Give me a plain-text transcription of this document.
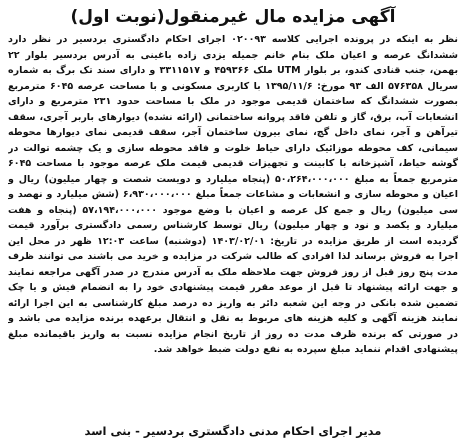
آگهی مزایده مال غیرمنقول(نوبت اول)

نظر به اینکه در پرونده اجرایی کلاسه ۰۲۰۰۹۳ اجرای احکام دادگستری بردسیر در نظر دارد ششدانگ عرصه و اعیان ملک بنام خانم جمیله یزدی زاده باغینی به آدرس بردسیر بلوار ۲۲ بهمن، جنب قنادی کندو، بر بلوار UTM ملک ۴۵۹۳۶۶ و ۳۳۱۱۵۱۷ و دارای سند تک برگ به شماره سریال ۵۷۶۳۵۸ الف ۹۳ مورخ: ۱۳۹۵/۱۱/۶ با کاربری مسکونی و با مساحت عرصه ۶۰۴۵ مترمربع بصورت ششدانگ که ساختمان قدیمی موجود در ملک با مساحت حدود ۲۳۱ مترمربع و دارای انشعابات آب، برق، گاز و تلفن فاقد پروانه ساختمانی (ارائه نشده) دیوارهای باربر آجری، سقف تیرآهن و آجر، نمای داخل گچ، نمای بیرون ساختمان آجر، سقف قدیمی نمای دیوارها محوطه سیمانی، کف محوطه موزائیک دارای حیاط خلوت و فاقد محوطه سازی و یک چشمه توالت در گوشه حیاط، آشپزخانه با کابینت و تجهیزات قدیمی قیمت ملک عرصه موجود با مساحت ۶۰۴۵ مترمربع جمعاً به مبلغ ۵۰،۲۶۴،۰۰۰،۰۰۰ (پنجاه میلیارد و دویست شصت و چهار میلیون) ریال و اعیان و محوطه سازی و انشعابات و مشاعات جمعاً مبلغ ۶،۹۳۰،۰۰۰،۰۰۰ (شش میلیارد و نهصد و سی میلیون) ریال و جمع کل عرصه و اعیان با وضع موجود ۵۷،۱۹۴،۰۰۰،۰۰۰ (پنجاه و هفت میلیارد و یکصد و نود و چهار میلیون) ریال توسط کارشناس رسمی دادگستری برآورد قیمت گردیده است از طریق مزایده در تاریخ: ۱۴۰۳/۰۲/۰۱ (دوشنبه) ساعت ۱۲:۰۳ ظهر در محل این اجرا به فروش برساند لذا افرادی که طالب شرکت در مزایده و خرید می باشند می توانند ظرف مدت پنج روز قبل از روز فروش جهت ملاحظه ملک به آدرس مندرج در صدر آگهی مراجعه نمایند و جهت ارائه پیشنهاد تا قبل از موعد مقرر قیمت پیشنهادی خود را به انضمام فیش و یا چک تضمین شده بانکی در وجه این شعبه دائر به واریز ده درصد مبلغ کارشناسی به این اجرا ارائه نمایند هزینه آگهی و کلیه هزینه های مربوط به نقل و انتقال برعهده برنده مزایده می باشد و در صورتی که برنده ظرف مدت ده روز از تاریخ انجام مزایده نسبت به واریز باقیمانده مبلغ پیشنهادی اقدام ننماید مبلغ سپرده به نفع دولت ضبط خواهد شد.

مدیر اجرای احکام مدنی دادگستری بردسیر - بنی اسد
